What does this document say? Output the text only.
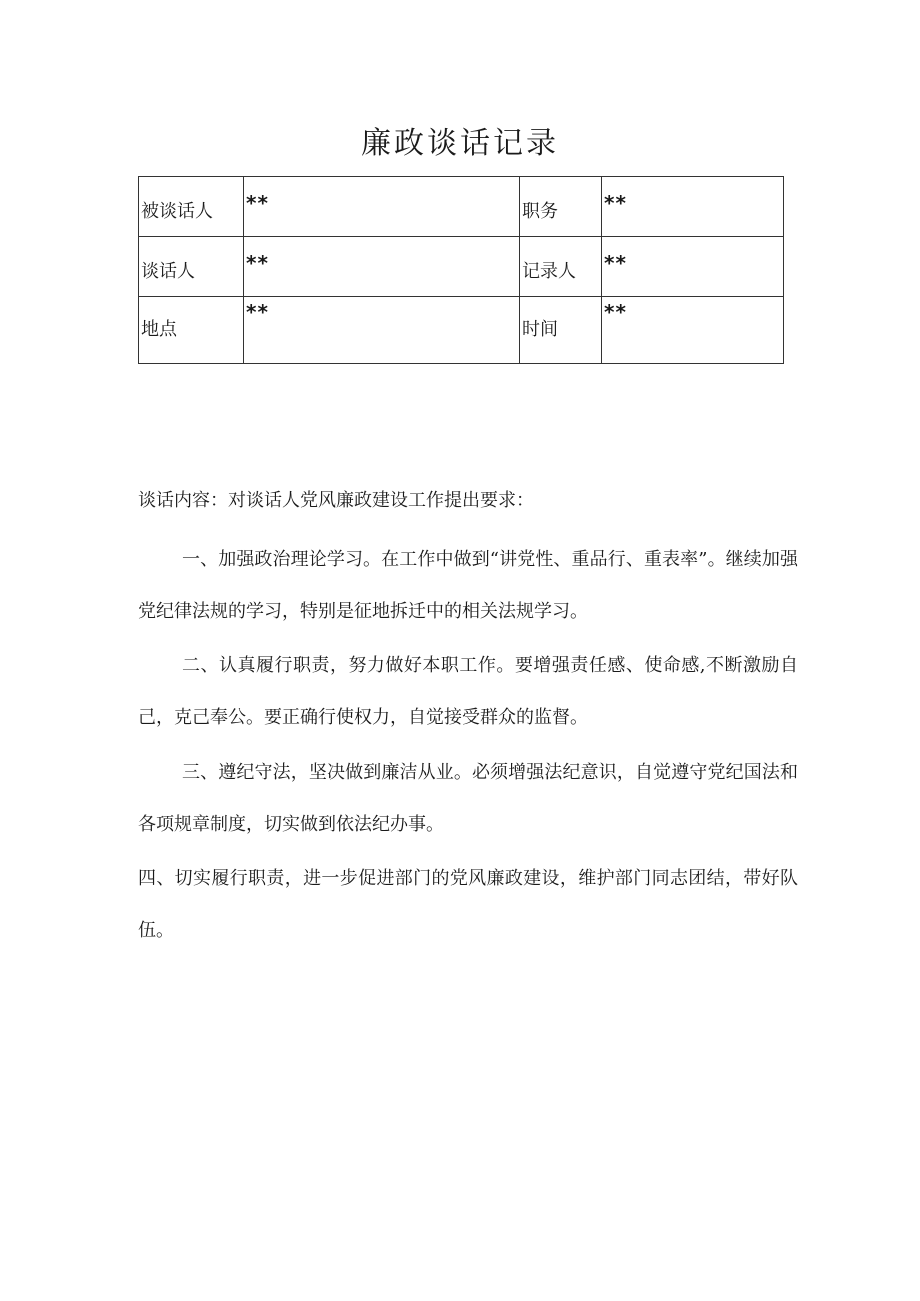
廉政谈话记录
被谈话人	**	职务	**

谈话人	**	记录人	**

地点	**	时间	**
谈话内容：对谈话人党风廉政建设工作提出要求：
一、加强政治理论学习。在工作中做到“讲党性、重品行、重表率”。继续加强党纪律法规的学习，特别是征地拆迁中的相关法规学习。
二、认真履行职责，努力做好本职工作。要增强责任感、使命感,不断激励自己，克己奉公。要正确行使权力，自觉接受群众的监督。
三、遵纪守法，坚决做到廉洁从业。必须增强法纪意识，自觉遵守党纪国法和各项规章制度，切实做到依法纪办事。
四、切实履行职责，进一步促进部门的党风廉政建设，维护部门同志团结，带好队伍。
